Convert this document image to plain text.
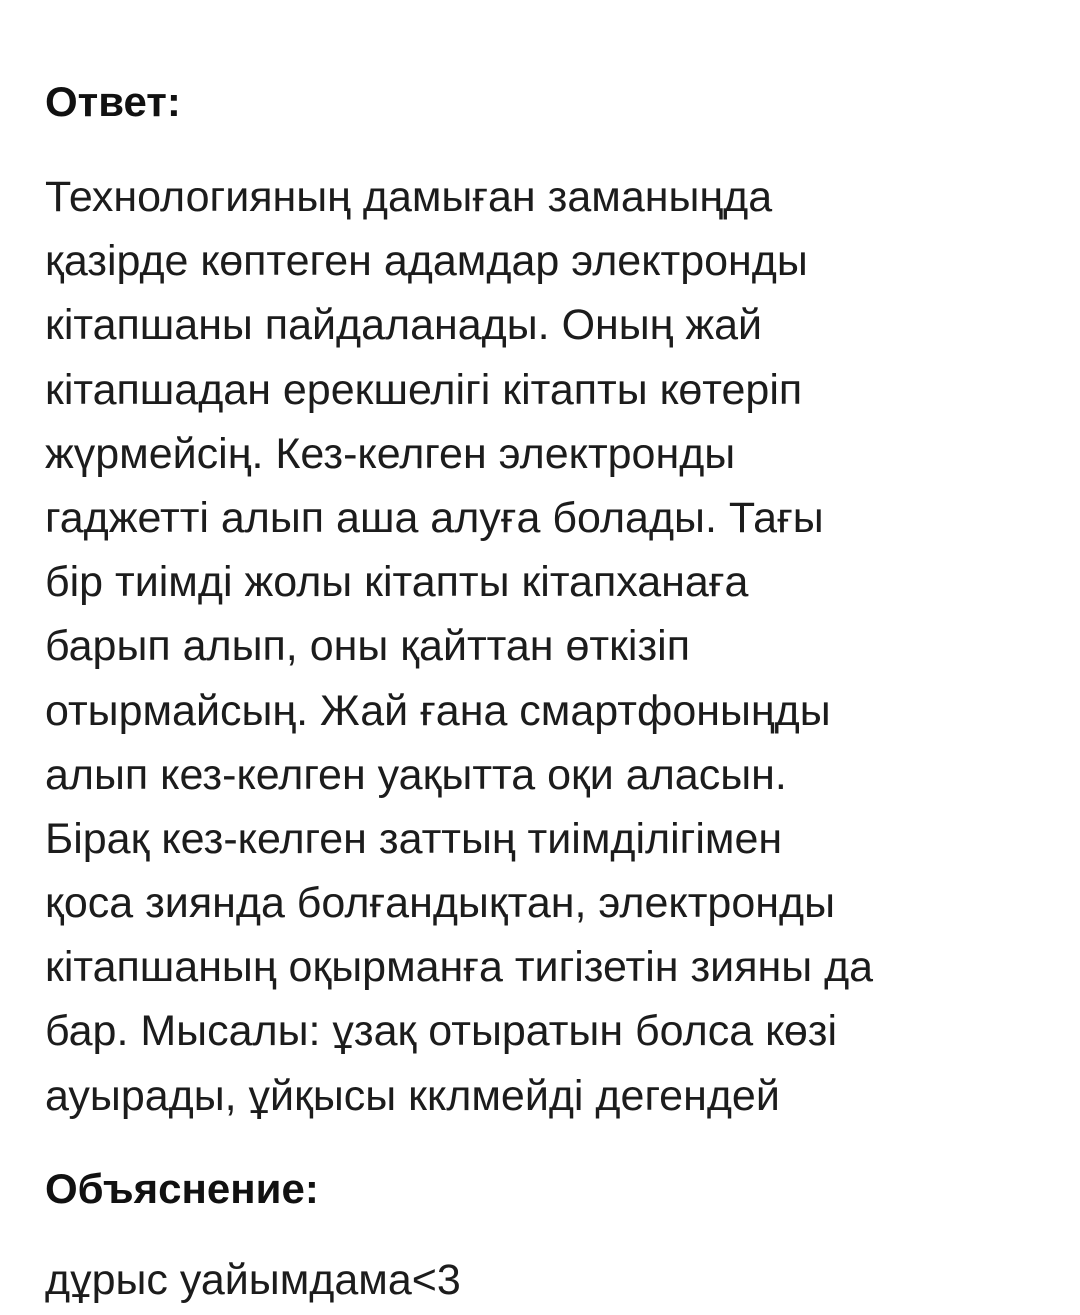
Ответ:
Технологияның дамыған заманыңда
қазірде көптеген адамдар электронды
кітапшаны пайдаланады. Оның жай
кітапшадан ерекшелігі кітапты көтеріп
жүрмейсің. Кез-келген электронды
гаджетті алып аша алуға болады. Тағы
бір тиімді жолы кітапты кітапханаға
барып алып, оны қайттан өткізіп
отырмайсың. Жай ғана смартфоныңды
алып кез-келген уақытта оқи аласын.
Бірақ кез-келген заттың тиімділігімен
қоса зиянда болғандықтан, электронды
кітапшаның оқырманға тигізетін зияны да
бар. Мысалы: ұзақ отыратын болса көзі
ауырады, ұйқысы кклмейді дегендей
Объяснение:

дұрыс уайымдама<3
